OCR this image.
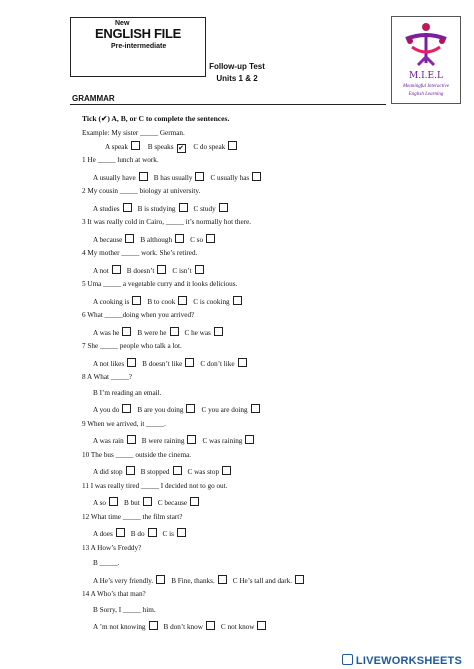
New
ENGLISH FILE
Pre-intermediate
Follow-up Test
Units 1 & 2	M.I.E.L
Meaningful Interactive
English Learning
GRAMMAR
Tick (✔) A, B, or C to complete the sentences.
Example: My sister _____ German.
A speak	B speaks ✔ C do speak
1 He _____ lunch at work.
A usually have	B has usually	C usually has
2 My cousin _____ biology at university.
A studies	B is studying	C study
3 It was really cold in Cairo, _____ it’s normally hot there.
A because	B although	C so
4 My mother _____ work. She’s retired.
A not	B doesn’t	C isn’t
5 Uma _____ a vegetable curry and it looks delicious.
A cooking is	B to cook	C is cooking
6 What _____doing when you arrived?
A was he	B were he	C he was
7 She _____ people who talk a lot.
A not likes	B doesn’t like	C don’t like
8 A What _____?
B I’m reading an email.
A you do	B are you doing	C you are doing
9 When we arrived, it _____.
A was rain	B were raining	C was raining
10 The bus _____ outside the cinema.
A did stop	B stopped	C was stop
11 I was really tired _____ I decided not to go out.
A so	B but	C because
12 What time _____ the film start?
A does	B do	C is
13 A How’s Freddy?
B _____.
A He’s very friendly.	B Fine, thanks.	C He’s tall and dark.
14 A Who’s that man?
B Sorry, I _____ him.
A ’m not knowing	B don’t know	C not know
LIVEWORKSHEETS
